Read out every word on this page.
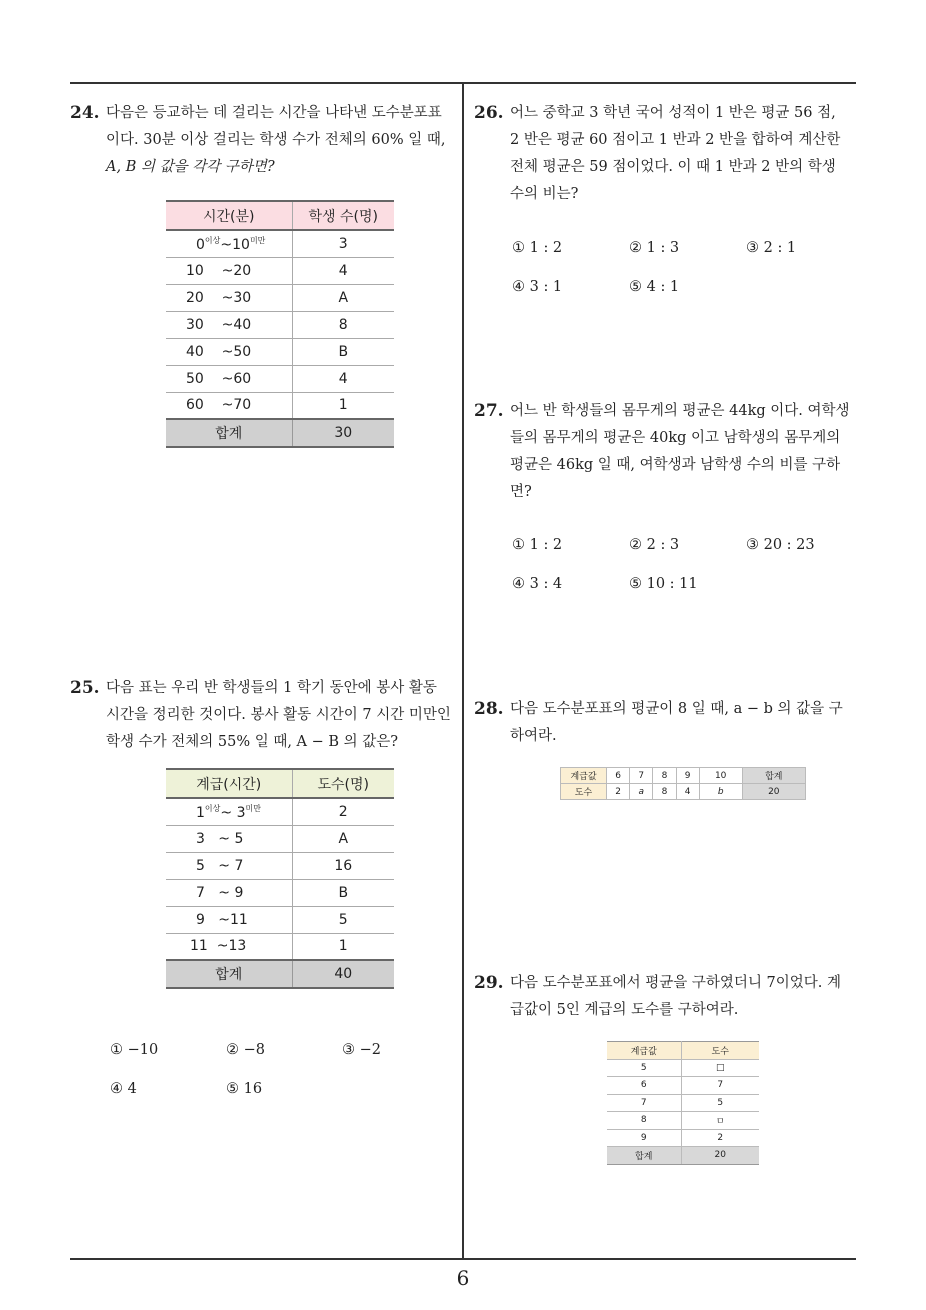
24. 다음은 등교하는 데 걸리는 시간을 나타낸 도수분포표

이다. 30분 이상 걸리는 학생 수가 전체의 60% 일 때,

A, B 의 값을 각각 구하면?

시간(분)	학생 수(명)
$0^{이상}\sim 10^{미만}$	3
10    ~20	4
20    ~30	A
30    ~40	8
40    ~50	B
50    ~60	4
60    ~70	1
합계	30
25. 다음 표는 우리 반 학생들의 1 학기 동안에 봉사 활동

시간을 정리한 것이다. 봉사 활동 시간이 7 시간 미만인

학생 수가 전체의 55% 일 때, A − B 의 값은?

계급(시간)	도수(명)
$1^{이상}\sim$ $3^{미만}$	2
3   ~ 5	A
5   ~ 7	16
7   ~ 9	B
9   ~11	5
11  ~13	1
합계	40
① −10	② −8	③ −2
④ 4	⑤ 16
26. 어느 중학교 3 학년 국어 성적이 1 반은 평균 56 점,

2 반은 평균 60 점이고 1 반과 2 반을 합하여 계산한

전체 평균은 59 점이었다. 이 때 1 반과 2 반의 학생

수의 비는?

① 1 : 2	② 1 : 3	③ 2 : 1
④ 3 : 1	⑤ 4 : 1
27. 어느 반 학생들의 몸무게의 평균은 44kg 이다. 여학생

들의 몸무게의 평균은 40kg 이고 남학생의 몸무게의

평균은 46kg 일 때, 여학생과 남학생 수의 비를 구하

면?

① 1 : 2	② 2 : 3	③ 20 : 23
④ 3 : 4	⑤ 10 : 11
28. 다음 도수분포표의 평균이 8 일 때, a − b 의 값을 구

하여라.

계급값	6	7	8	9	10	합계
도수	2	a	8	4	b	20
29. 다음 도수분포표에서 평균을 구하였더니 7이었다. 계

급값이 5인 계급의 도수를 구하여라.

계급값	도수
5	□
6	7
7	5
8	ㅁ
9	2
합계	20
6
